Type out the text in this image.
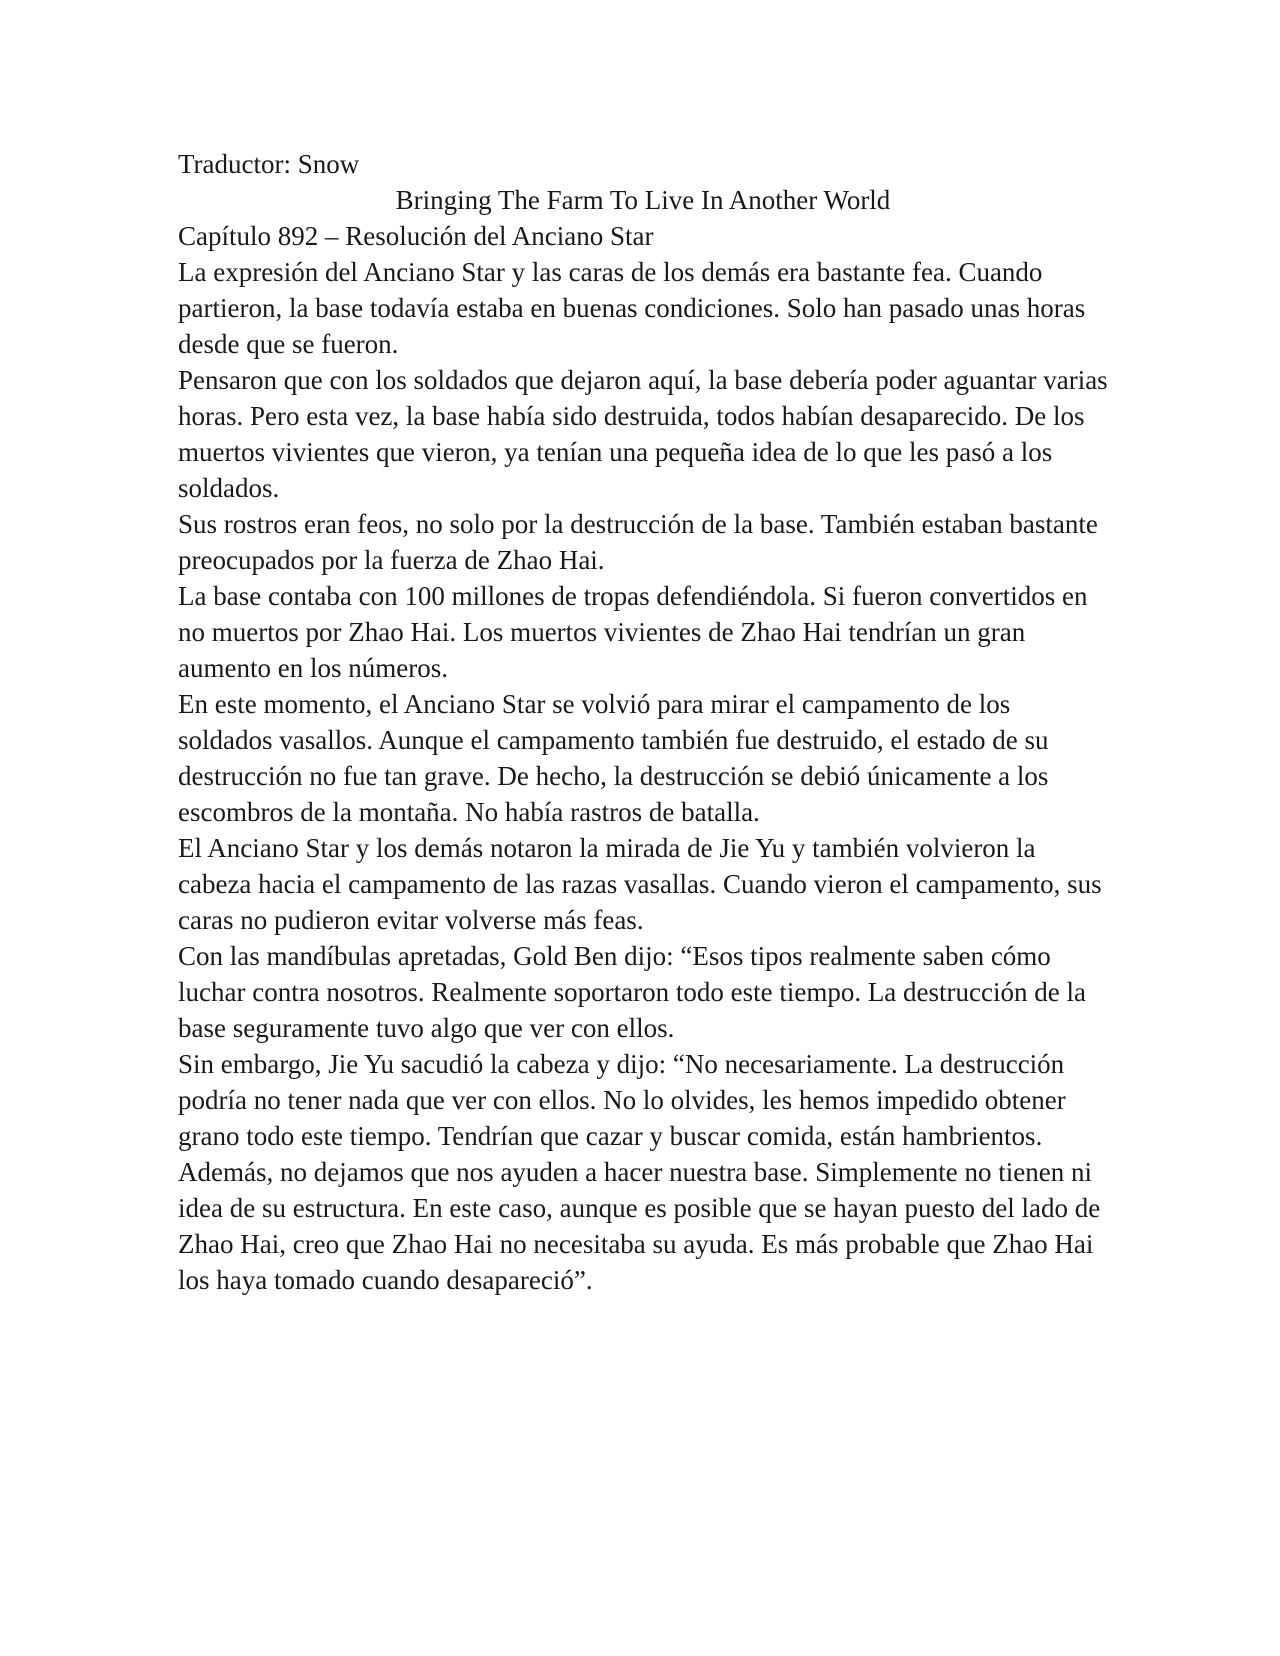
Traductor: Snow

Bringing The Farm To Live In Another World

Capítulo 892 – Resolución del Anciano Star

La expresión del Anciano Star y las caras de los demás era bastante fea. Cuando partieron, la base todavía estaba en buenas condiciones. Solo han pasado unas horas desde que se fueron.

Pensaron que con los soldados que dejaron aquí, la base debería poder aguantar varias horas. Pero esta vez, la base había sido destruida, todos habían desaparecido. De los muertos vivientes que vieron, ya tenían una pequeña idea de lo que les pasó a los soldados.

Sus rostros eran feos, no solo por la destrucción de la base. También estaban bastante preocupados por la fuerza de Zhao Hai.

La base contaba con 100 millones de tropas defendiéndola. Si fueron convertidos en no muertos por Zhao Hai. Los muertos vivientes de Zhao Hai tendrían un gran aumento en los números.

En este momento, el Anciano Star se volvió para mirar el campamento de los soldados vasallos. Aunque el campamento también fue destruido, el estado de su destrucción no fue tan grave. De hecho, la destrucción se debió únicamente a los escombros de la montaña. No había rastros de batalla.

El Anciano Star y los demás notaron la mirada de Jie Yu y también volvieron la cabeza hacia el campamento de las razas vasallas. Cuando vieron el campamento, sus caras no pudieron evitar volverse más feas.

Con las mandíbulas apretadas, Gold Ben dijo: “Esos tipos realmente saben cómo luchar contra nosotros. Realmente soportaron todo este tiempo. La destrucción de la base seguramente tuvo algo que ver con ellos.

Sin embargo, Jie Yu sacudió la cabeza y dijo: “No necesariamente. La destrucción podría no tener nada que ver con ellos. No lo olvides, les hemos impedido obtener grano todo este tiempo. Tendrían que cazar y buscar comida, están hambrientos. Además, no dejamos que nos ayuden a hacer nuestra base. Simplemente no tienen ni idea de su estructura. En este caso, aunque es posible que se hayan puesto del lado de Zhao Hai, creo que Zhao Hai no necesitaba su ayuda. Es más probable que Zhao Hai los haya tomado cuando desapareció”.
